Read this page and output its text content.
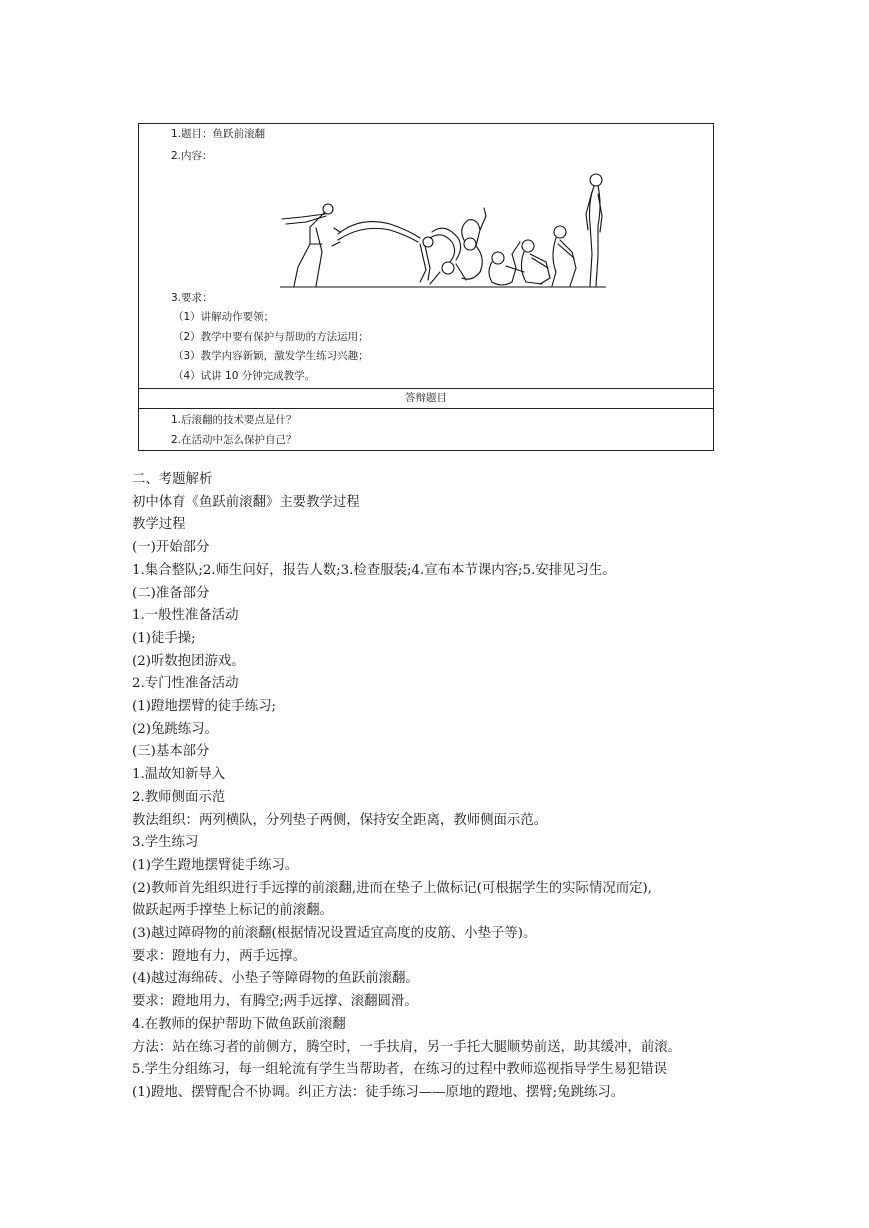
1.题目：鱼跃前滚翻
2.内容：
3.要求：
（1）讲解动作要领；
（2）教学中要有保护与帮助的方法运用；
（3）教学内容新颖，激发学生练习兴趣；
（4）试讲 10 分钟完成教学。
答辩题目
1.后滚翻的技术要点是什？
2.在活动中怎么保护自己？

二、考题解析

初中体育《鱼跃前滚翻》主要教学过程

教学过程

(一)开始部分

1.集合整队;2.师生问好，报告人数;3.检查服装;4.宣布本节课内容;5.安排见习生。

(二)准备部分

1.一般性准备活动

(1)徒手操;

(2)听数抱团游戏。

2.专门性准备活动

(1)蹬地摆臂的徒手练习;

(2)兔跳练习。

(三)基本部分

1.温故知新导入

2.教师侧面示范

教法组织：两列横队，分列垫子两侧，保持安全距离，教师侧面示范。

3.学生练习

(1)学生蹬地摆臂徒手练习。

(2)教师首先组织进行手远撑的前滚翻,进而在垫子上做标记(可根据学生的实际情况而定),

做跃起两手撑垫上标记的前滚翻。

(3)越过障碍物的前滚翻(根据情况设置适宜高度的皮筋、小垫子等)。

要求：蹬地有力，两手远撑。

(4)越过海绵砖、小垫子等障碍物的鱼跃前滚翻。

要求：蹬地用力，有腾空;两手远撑、滚翻圆滑。

4.在教师的保护帮助下做鱼跃前滚翻

方法：站在练习者的前侧方，腾空时，一手扶肩，另一手托大腿顺势前送，助其缓冲，前滚。

5.学生分组练习，每一组轮流有学生当帮助者，在练习的过程中教师巡视指导学生易犯错误

(1)蹬地、摆臂配合不协调。纠正方法：徒手练习——原地的蹬地、摆臂;兔跳练习。
